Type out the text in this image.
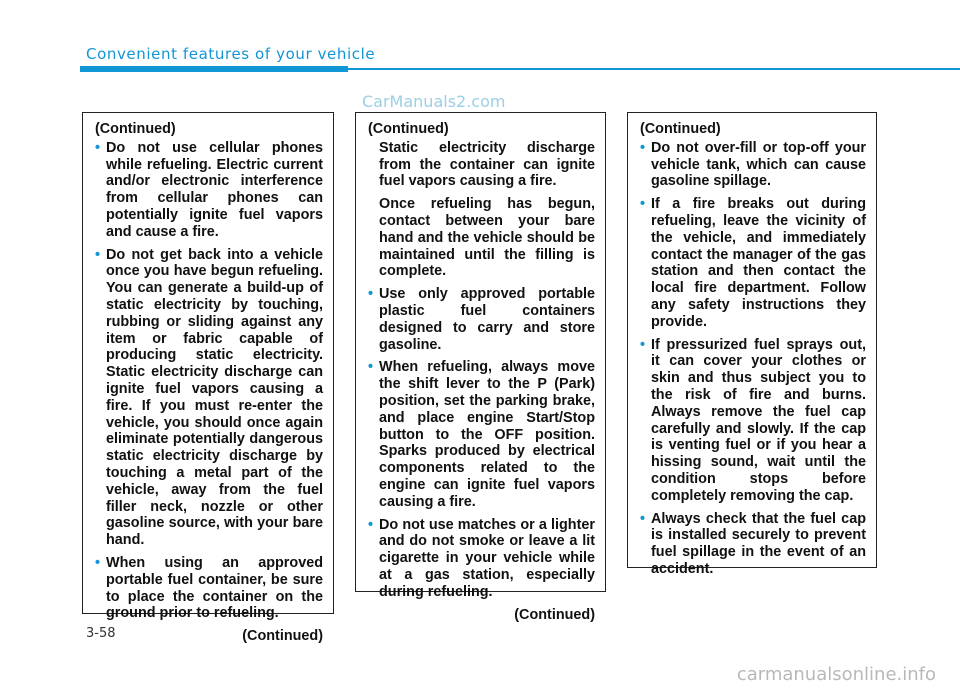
Convenient features of your vehicle
CarManuals2.com
(Continued)
• Do not use cellular phones while refueling. Electric current and/or electronic interference from cellular phones can potentially ignite fuel vapors and cause a fire.
• Do not get back into a vehicle once you have begun refueling. You can generate a build-up of static electricity by touching, rubbing or sliding against any item or fabric capable of producing static electricity. Static electricity discharge can ignite fuel vapors causing a fire. If you must re-enter the vehicle, you should once again eliminate potentially dangerous static electricity discharge by touching a metal part of the vehicle, away from the fuel filler neck, nozzle or other gasoline source, with your bare hand.
• When using an approved portable fuel container, be sure to place the container on the ground prior to refueling.
(Continued)
(Continued)
Static electricity discharge from the container can ignite fuel vapors causing a fire.
Once refueling has begun, contact between your bare hand and the vehicle should be maintained until the filling is complete.
• Use only approved portable plastic fuel containers designed to carry and store gasoline.
• When refueling, always move the shift lever to the P (Park) position, set the parking brake, and place engine Start/Stop button to the OFF position. Sparks produced by electrical components related to the engine can ignite fuel vapors causing a fire.
• Do not use matches or a lighter and do not smoke or leave a lit cigarette in your vehicle while at a gas station, especially during refueling.
(Continued)
(Continued)
• Do not over-fill or top-off your vehicle tank, which can cause gasoline spillage.
• If a fire breaks out during refueling, leave the vicinity of the vehicle, and immediately contact the manager of the gas station and then contact the local fire department. Follow any safety instructions they provide.
• If pressurized fuel sprays out, it can cover your clothes or skin and thus subject you to the risk of fire and burns. Always remove the fuel cap carefully and slowly. If the cap is venting fuel or if you hear a hissing sound, wait until the condition stops before completely removing the cap.
• Always check that the fuel cap is installed securely to prevent fuel spillage in the event of an accident.
3-58
carmanualsonline.info
